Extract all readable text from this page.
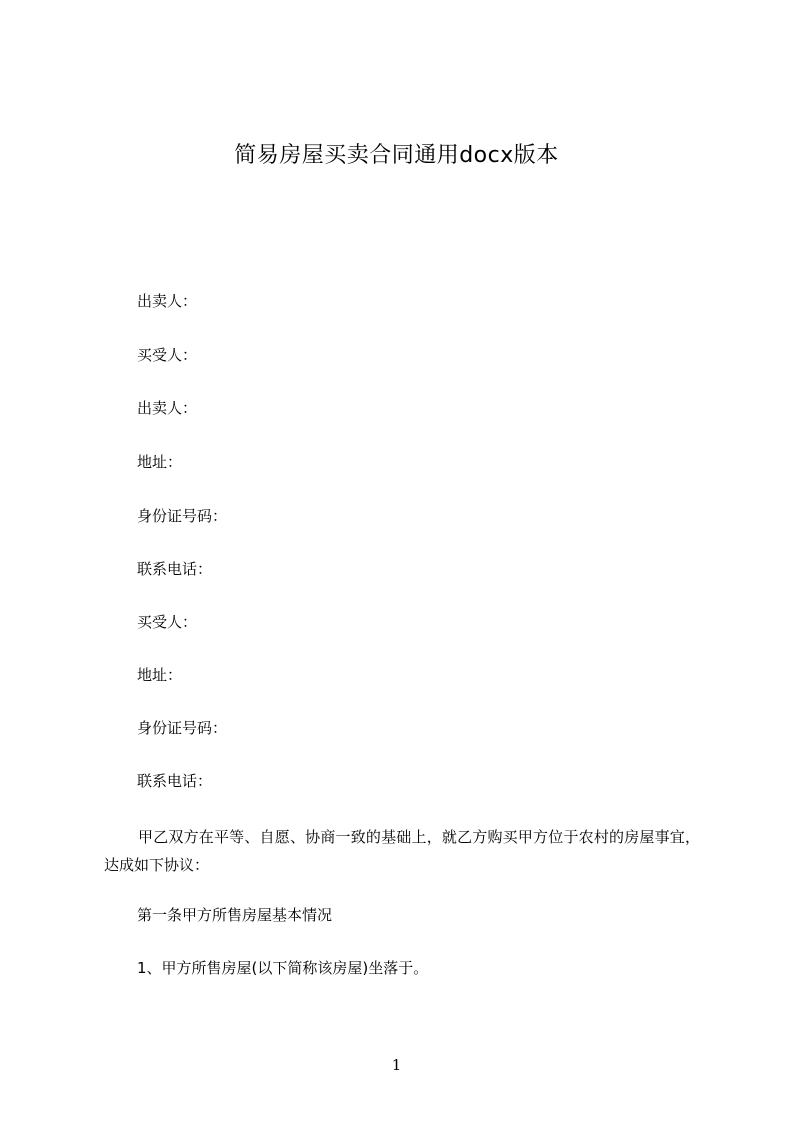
简易房屋买卖合同通用docx版本
出卖人：
买受人：
出卖人：
地址：
身份证号码：
联系电话：
买受人：
地址：
身份证号码：
联系电话：
甲乙双方在平等、自愿、协商一致的基础上，就乙方购买甲方位于农村的房屋事宜，达成如下协议：
第一条甲方所售房屋基本情况
1、甲方所售房屋(以下简称该房屋)坐落于。
1
